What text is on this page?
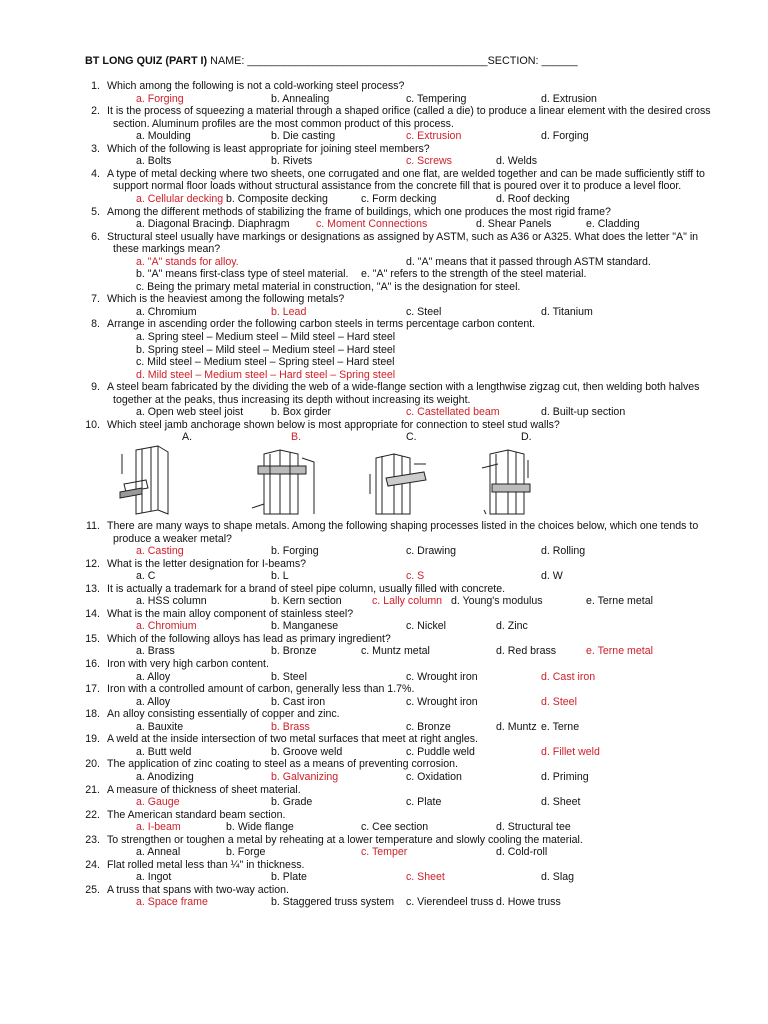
BT LONG QUIZ (PART I) NAME: ________________________________________SECTION: ______
1. Which among the following is not a cold-working steel process?
a. Forging	b. Annealing	c. Tempering	d. Extrusion
2. It is the process of squeezing a material through a shaped orifice (called a die) to produce a linear element with the desired cross
section. Aluminum profiles are the most common product of this process.
a. Moulding	b. Die casting	c. Extrusion	d. Forging
3. Which of the following is least appropriate for joining steel members?
a. Bolts	b. Rivets	c. Screws	d. Welds
4. A type of metal decking where two sheets, one corrugated and one flat, are welded together and can be made sufficiently stiff to
support normal floor loads without structural assistance from the concrete fill that is poured over it to produce a level floor.
a. Cellular decking b. Composite decking	c. Form decking	d. Roof decking
5. Among the different methods of stabilizing the frame of buildings, which one produces the most rigid frame?
a. Diagonal Bracing
b. Diaphragm c. Moment Connections	d. Shear Panels	e. Cladding
6. Structural steel usually have markings or designations as assigned by ASTM, such as A36 or A325. What does the letter "A" in
these markings mean?
a. "A" stands for alloy.	d. "A" means that it passed through ASTM standard.
b. "A" means first-class type of steel material. e. "A" refers to the strength of the steel material.
c. Being the primary metal material in construction, "A" is the designation for steel.
7. Which is the heaviest among the following metals?
a. Chromium	b. Lead	c. Steel	d. Titanium
8. Arrange in ascending order the following carbon steels in terms percentage carbon content.
a. Spring steel – Medium steel – Mild steel – Hard steel
b. Spring steel – Mild steel – Medium steel – Hard steel
c. Mild steel – Medium steel – Spring steel – Hard steel
d. Mild steel – Medium steel – Hard steel – Spring steel
9. A steel beam fabricated by the dividing the web of a wide-flange section with a lengthwise zigzag cut, then welding both halves
together at the peaks, thus increasing its depth without increasing its weight.
a. Open web steel joist	b. Box girder	c. Castellated beam	d. Built-up section
10. Which steel jamb anchorage shown below is most appropriate for connection to steel stud walls?
A.	B.	C.	D.
11. There are many ways to shape metals. Among the following shaping processes listed in the choices below, which one tends to
produce a weaker metal?
a. Casting	b. Forging	c. Drawing	d. Rolling
12. What is the letter designation for I-beams?
a. C	b. L	c. S	d. W
13. It is actually a trademark for a brand of steel pipe column, usually filled with concrete.
a. HSS column	b. Kern section	c. Lally column d. Young's modulus	e. Terne metal
14. What is the main alloy component of stainless steel?
a. Chromium	b. Manganese	c. Nickel	d. Zinc
15. Which of the following alloys has lead as primary ingredient?
a. Brass	b. Bronze	c. Muntz metal	d. Red brass	e. Terne metal
16. Iron with very high carbon content.
a. Alloy	b. Steel	c. Wrought iron	d. Cast iron
17. Iron with a controlled amount of carbon, generally less than 1.7%.
a. Alloy	b. Cast iron	c. Wrought iron	d. Steel
18. An alloy consisting essentially of copper and zinc.
a. Bauxite	b. Brass	c. Bronze	d. Muntz e. Terne
19. A weld at the inside intersection of two metal surfaces that meet at right angles.
a. Butt weld	b. Groove weld	c. Puddle weld	d. Fillet weld
20. The application of zinc coating to steel as a means of preventing corrosion.
a. Anodizing	b. Galvanizing	c. Oxidation	d. Priming
21. A measure of thickness of sheet material.
a. Gauge	b. Grade	c. Plate	d. Sheet
22. The American standard beam section.
a. I-beam	b. Wide flange	c. Cee section	d. Structural tee
23. To strengthen or toughen a metal by reheating at a lower temperature and slowly cooling the material.
a. Anneal	b. Forge	c. Temper	d. Cold-roll
24. Flat rolled metal less than ¼" in thickness.
a. Ingot	b. Plate	c. Sheet	d. Slag
25. A truss that spans with two-way action.
a. Space frame	b. Staggered truss system c. Vierendeel truss d. Howe truss
